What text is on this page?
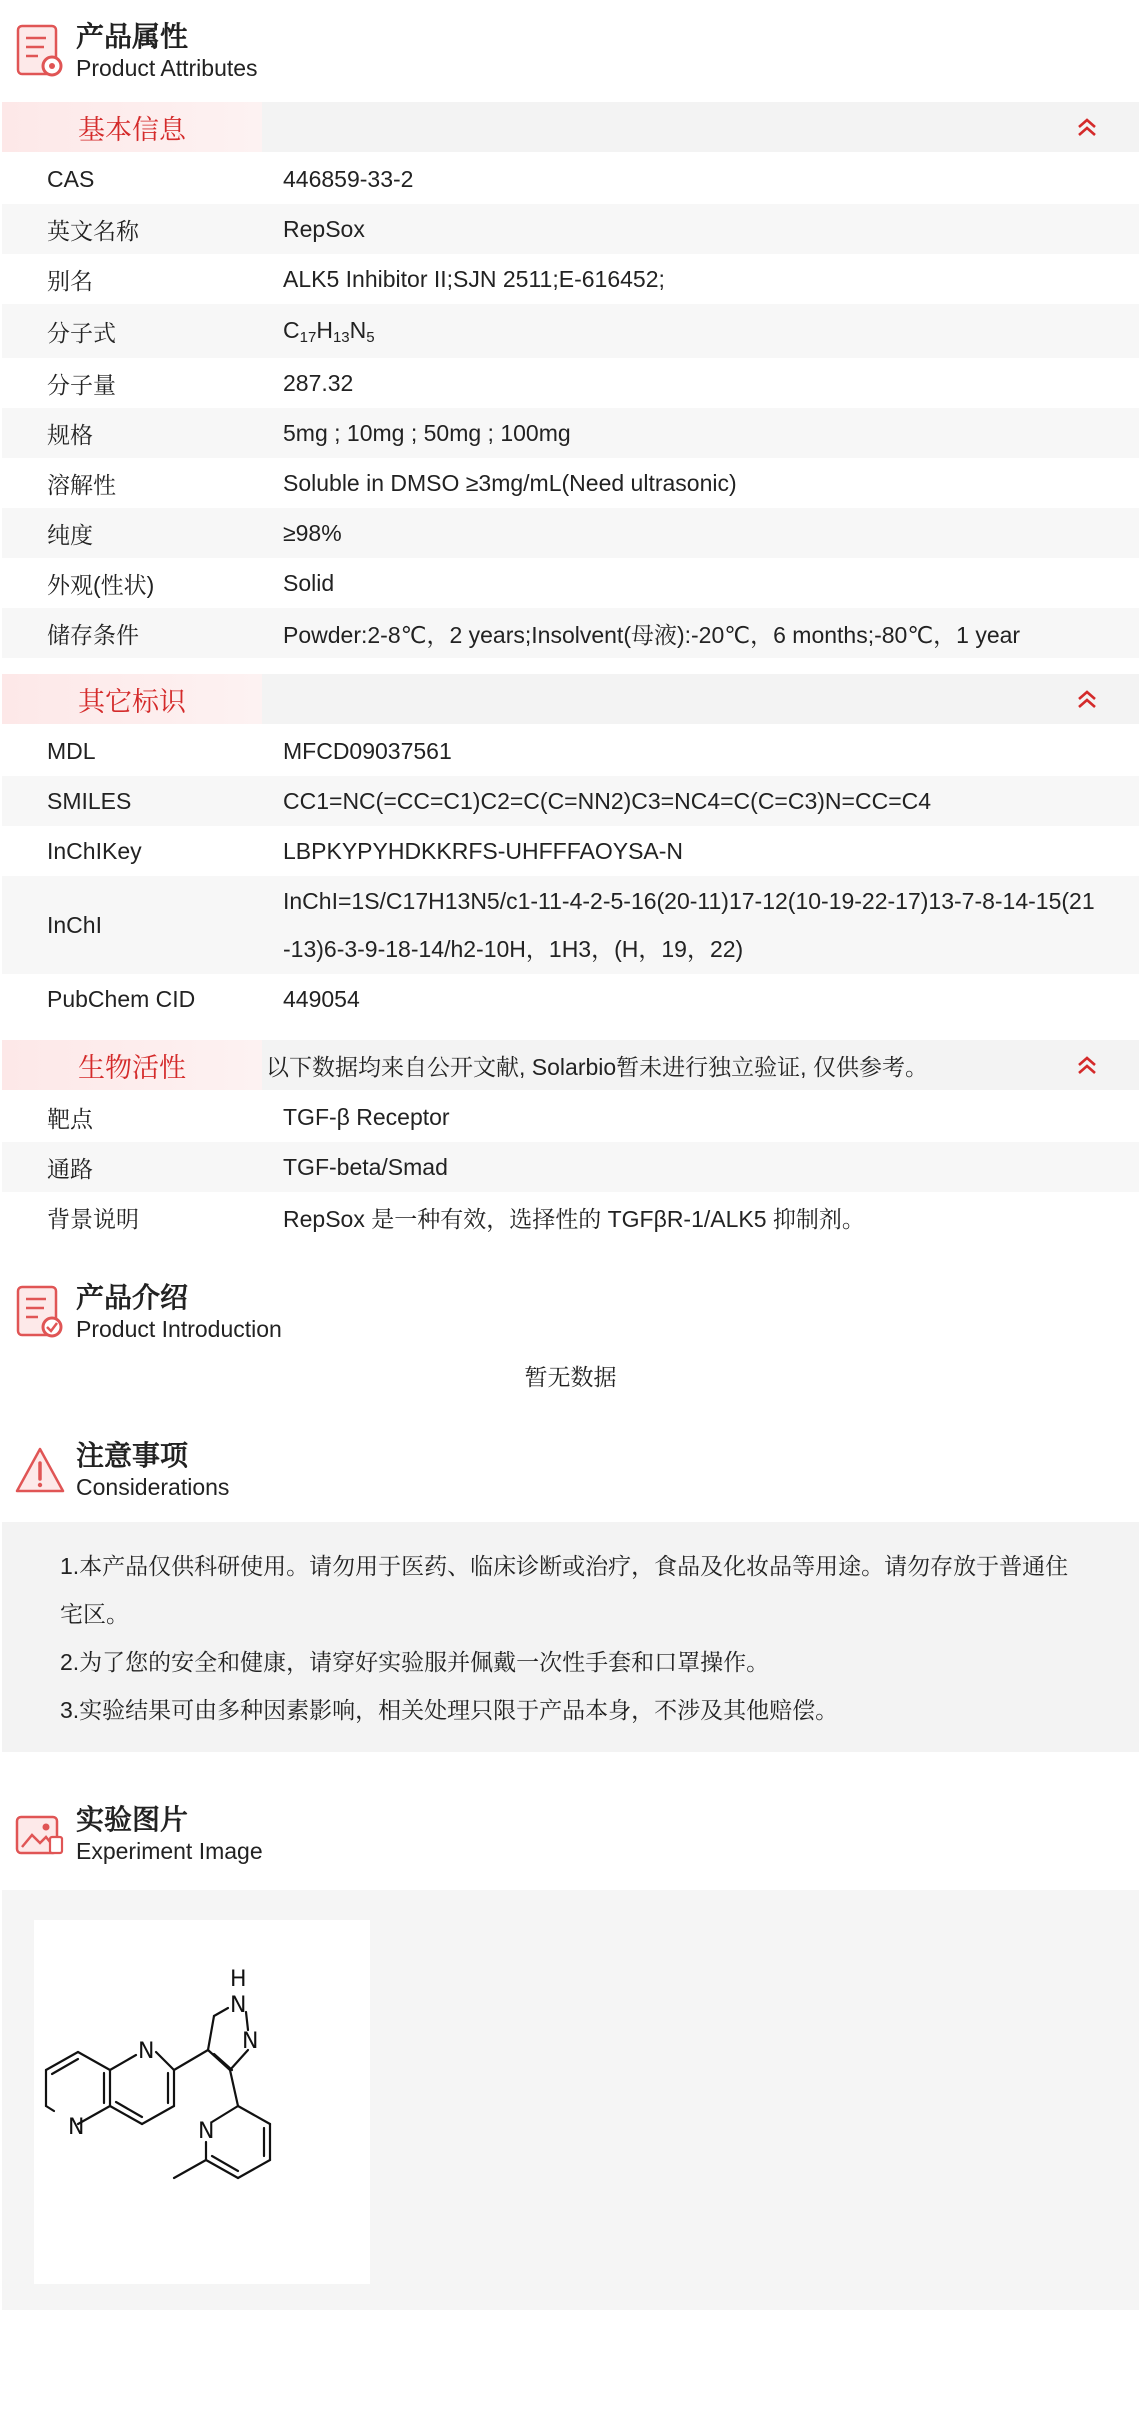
产品属性
Product Attributes
基本信息
CAS	446859-33-2
英文名称	RepSox
别名	ALK5 Inhibitor II;SJN 2511;E-616452;
分子式	$C_{17}H_{13}N_5$
分子量	287.32
规格	5mg ; 10mg ; 50mg ; 100mg
溶解性	Soluble in DMSO ≥3mg/mL(Need ultrasonic)
纯度	≥98%
外观(性状)	Solid
储存条件	Powder:2-8℃，2 years;Insolvent(母液):-20℃，6 months;-80℃，1 year
其它标识
MDL	MFCD09037561
SMILES	CC1=NC(=CC=C1)C2=C(C=NN2)C3=NC4=C(C=C3)N=CC=C4
InChIKey	LBPKYPYHDKKRFS-UHFFFAOYSA-N
InChI	InChI=1S/C17H13N5/c1-11-4-2-5-16(20-11)17-12(10-19-22-17)13-7-8-14-15(21-13)6-3-9-18-14/h2-10H，1H3，(H，19，22)
PubChem CID	449054
生物活性	以下数据均来自公开文献, Solarbio暂未进行独立验证, 仅供参考。
靶点	TGF-β Receptor
通路	TGF-beta/Smad
背景说明	RepSox 是一种有效，选择性的 TGFβR-1/ALK5 抑制剂。
产品介绍
Product Introduction
暂无数据
注意事项
Considerations
1.本产品仅供科研使用。请勿用于医药、临床诊断或治疗，食品及化妆品等用途。请勿存放于普通住宅区。
2.为了您的安全和健康，请穿好实验服并佩戴一次性手套和口罩操作。
3.实验结果可由多种因素影响，相关处理只限于产品本身，不涉及其他赔偿。
实验图片
Experiment Image
N
N
H
N
N
N
